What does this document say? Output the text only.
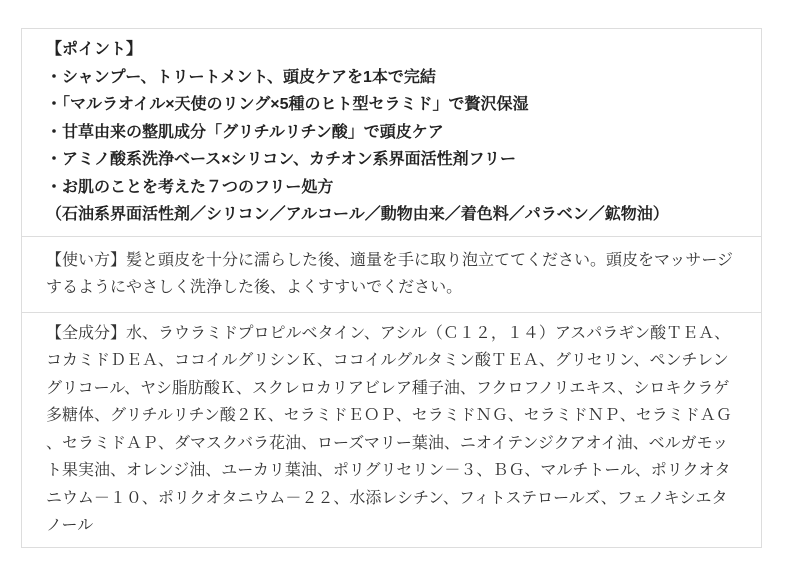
【ポイント】
・シャンプー、トリートメント、頭皮ケアを1本で完結
・「マルラオイル×天使のリング×5種のヒト型セラミド」で贅沢保湿
・甘草由来の整肌成分「グリチルリチン酸」で頭皮ケア
・アミノ酸系洗浄ベース×シリコン、カチオン系界面活性剤フリー
・お肌のことを考えた７つのフリー処方
（石油系界面活性剤／シリコン／アルコール／動物由来／着色料／パラベン／鉱物油）

【使い方】髪と頭皮を十分に濡らした後、適量を手に取り泡立ててください。頭皮をマッサージするようにやさしく洗浄した後、よくすすいでください。

【全成分】水、ラウラミドプロピルベタイン、アシル（Ｃ１２，１４）アスパラギン酸ＴＥＡ、コカミドＤＥＡ、ココイルグリシンＫ、ココイルグルタミン酸ＴＥＡ、グリセリン、ペンチレングリコール、ヤシ脂肪酸Ｋ、スクレロカリアビレア種子油、フクロフノリエキス、シロキクラゲ多糖体、グリチルリチン酸２Ｋ、セラミドＥＯＰ、セラミドＮＧ、セラミドＮＰ、セラミドＡＧ、セラミドＡＰ、ダマスクバラ花油、ローズマリー葉油、ニオイテンジクアオイ油、ベルガモット果実油、オレンジ油、ユーカリ葉油、ポリグリセリン－３、ＢＧ、マルチトール、ポリクオタニウム－１０、ポリクオタニウム－２２、水添レシチン、フィトステロールズ、フェノキシエタノール
